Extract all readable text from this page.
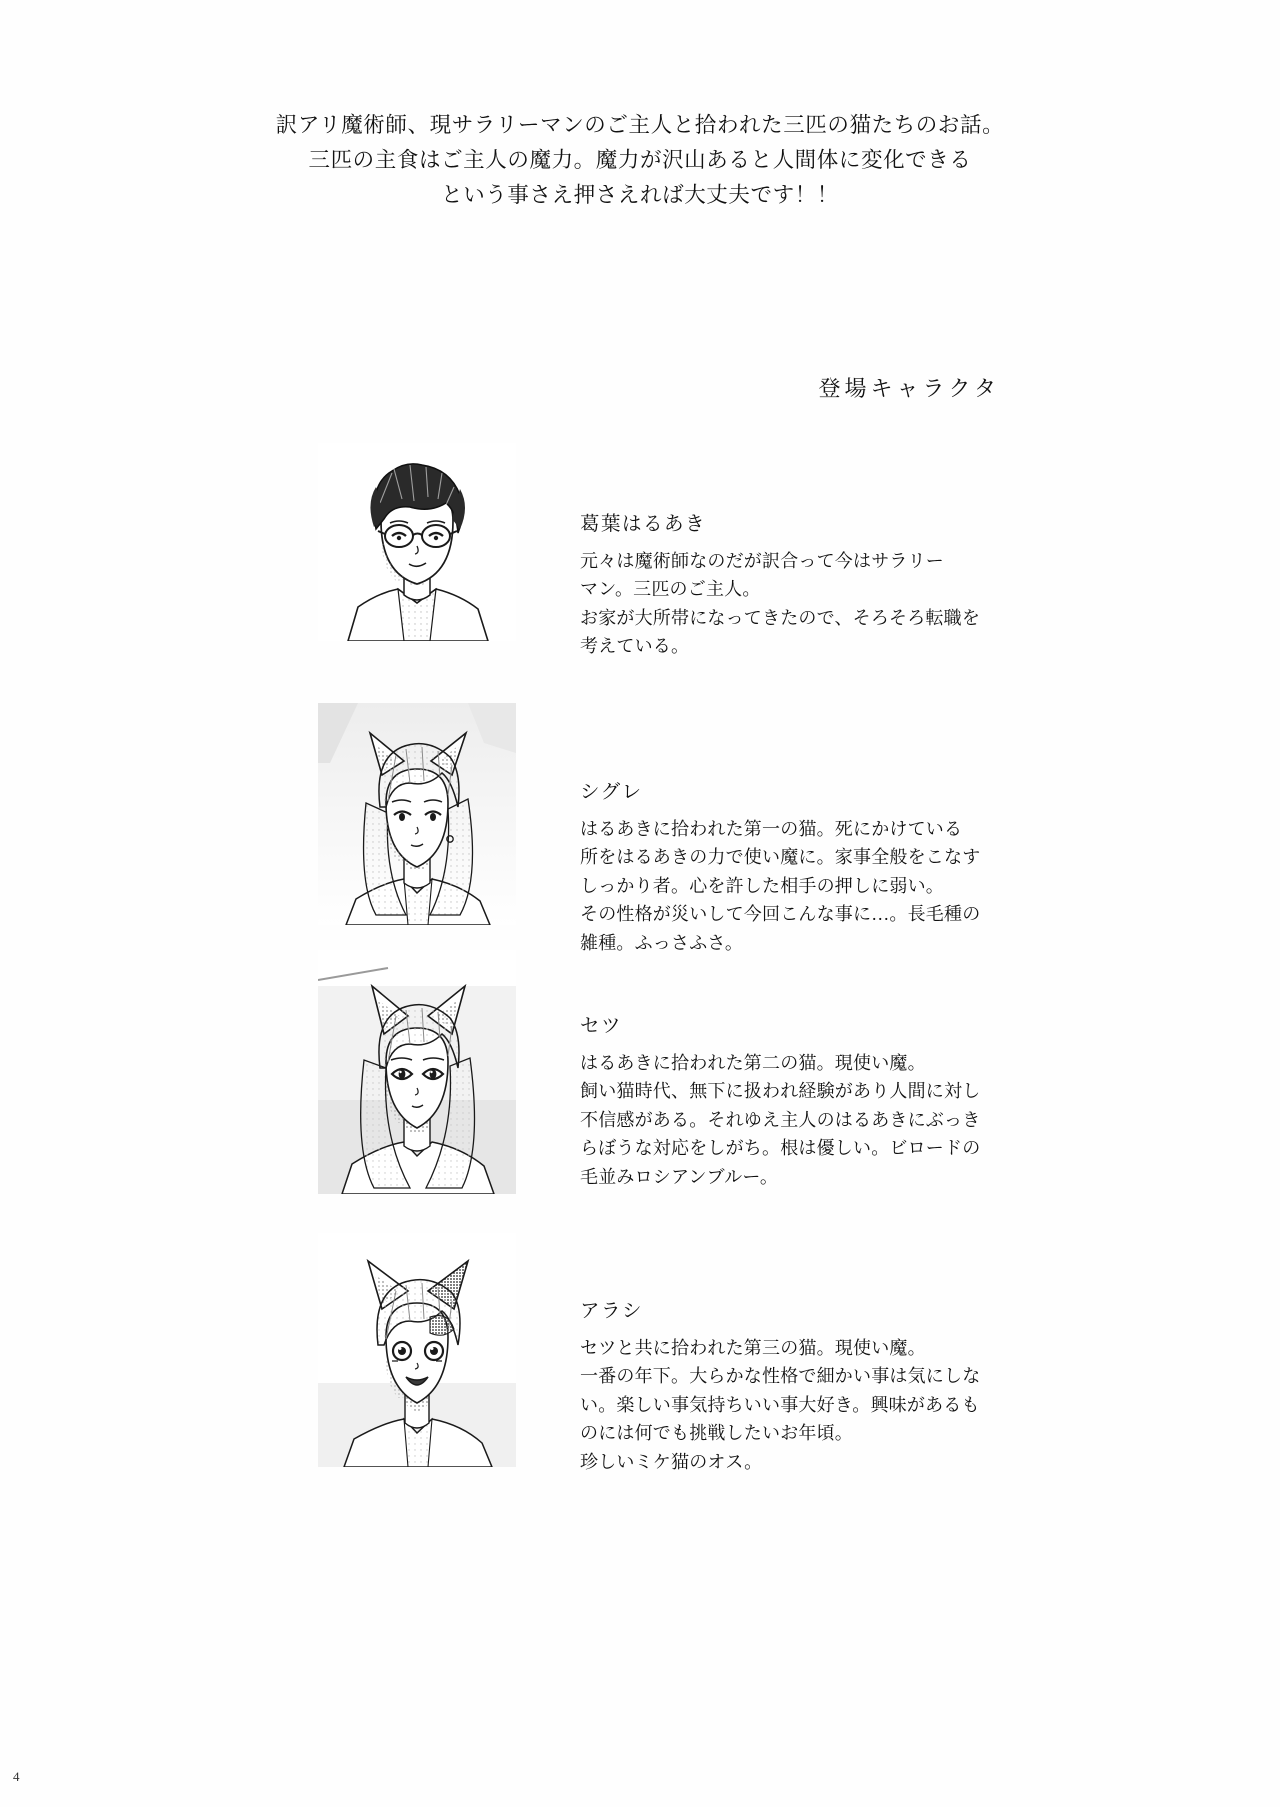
訳アリ魔術師、現サラリーマンのご主人と拾われた三匹の猫たちのお話。
三匹の主食はご主人の魔力。魔力が沢山あると人間体に変化できる
という事さえ押さえれば大丈夫です！！
登場キャラクタ
葛葉はるあき
元々は魔術師なのだが訳合って今はサラリー
マン。三匹のご主人。
お家が大所帯になってきたので、そろそろ転職を
考えている。
シグレ
はるあきに拾われた第一の猫。死にかけている
所をはるあきの力で使い魔に。家事全般をこなす
しっかり者。心を許した相手の押しに弱い。
その性格が災いして今回こんな事に…。長毛種の
雑種。ふっさふさ。
セツ
はるあきに拾われた第二の猫。現使い魔。
飼い猫時代、無下に扱われ経験があり人間に対し
不信感がある。それゆえ主人のはるあきにぶっき
らぼうな対応をしがち。根は優しい。ビロードの
毛並みロシアンブルー。
アラシ
セツと共に拾われた第三の猫。現使い魔。
一番の年下。大らかな性格で細かい事は気にしな
い。楽しい事気持ちいい事大好き。興味があるも
のには何でも挑戦したいお年頃。
珍しいミケ猫のオス。
4
